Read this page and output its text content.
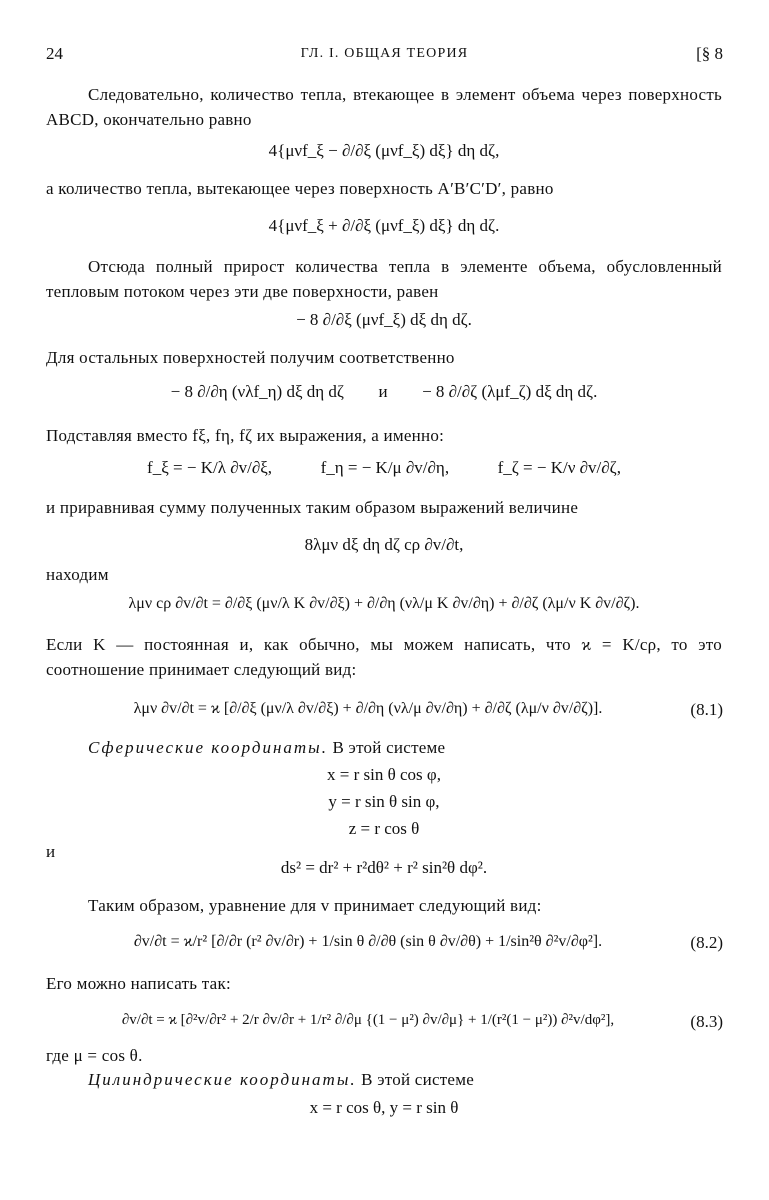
24	ГЛ. I. ОБЩАЯ ТЕОРИЯ	[§ 8
Следовательно, количество тепла, втекающее в элемент объема через поверхность ABCD, окончательно равно
4{μνf_ξ − ∂/∂ξ (μνf_ξ) dξ} dη dζ,
а количество тепла, вытекающее через поверхность A′B′C′D′, равно
4{μνf_ξ + ∂/∂ξ (μνf_ξ) dξ} dη dζ.
Отсюда полный прирост количества тепла в элементе объема, обусловленный тепловым потоком через эти две поверхности, равен
− 8 ∂/∂ξ (μνf_ξ) dξ dη dζ.
Для остальных поверхностей получим соответственно
− 8 ∂/∂η (νλf_η) dξ dη dζ и − 8 ∂/∂ζ (λμf_ζ) dξ dη dζ.
Подставляя вместо fξ, fη, fζ их выражения, а именно:
f_ξ = − K/λ ∂v/∂ξ,	f_η = − K/μ ∂v/∂η,	f_ζ = − K/ν ∂v/∂ζ,
и приравнивая сумму полученных таким образом выражений величине
8λμν dξ dη dζ cρ ∂v/∂t,
находим
λμν cρ ∂v/∂t = ∂/∂ξ (μν/λ K ∂v/∂ξ) + ∂/∂η (νλ/μ K ∂v/∂η) + ∂/∂ζ (λμ/ν K ∂v/∂ζ).
Если K — постоянная и, как обычно, мы можем написать, что ϰ = K/cρ, то это соотношение принимает следующий вид:
λμν ∂v/∂t = ϰ [∂/∂ξ (μν/λ ∂v/∂ξ) + ∂/∂η (νλ/μ ∂v/∂η) + ∂/∂ζ (λμ/ν ∂v/∂ζ)].	(8.1)
Сферические координаты. В этой системе
x = r sin θ cos φ,
y = r sin θ sin φ,
z = r cos θ
и
ds² = dr² + r²dθ² + r² sin²θ dφ².
Таким образом, уравнение для v принимает следующий вид:
∂v/∂t = ϰ/r² [∂/∂r (r² ∂v/∂r) + 1/sin θ ∂/∂θ (sin θ ∂v/∂θ) + 1/sin²θ ∂²v/∂φ²].	(8.2)
Его можно написать так:
∂v/∂t = ϰ [∂²v/∂r² + 2/r ∂v/∂r + 1/r² ∂/∂μ {(1 − μ²) ∂v/∂μ} + 1/(r²(1 − μ²)) ∂²v/dφ²],	(8.3)
где μ = cos θ.
Цилиндрические координаты. В этой системе
x = r cos θ, y = r sin θ
